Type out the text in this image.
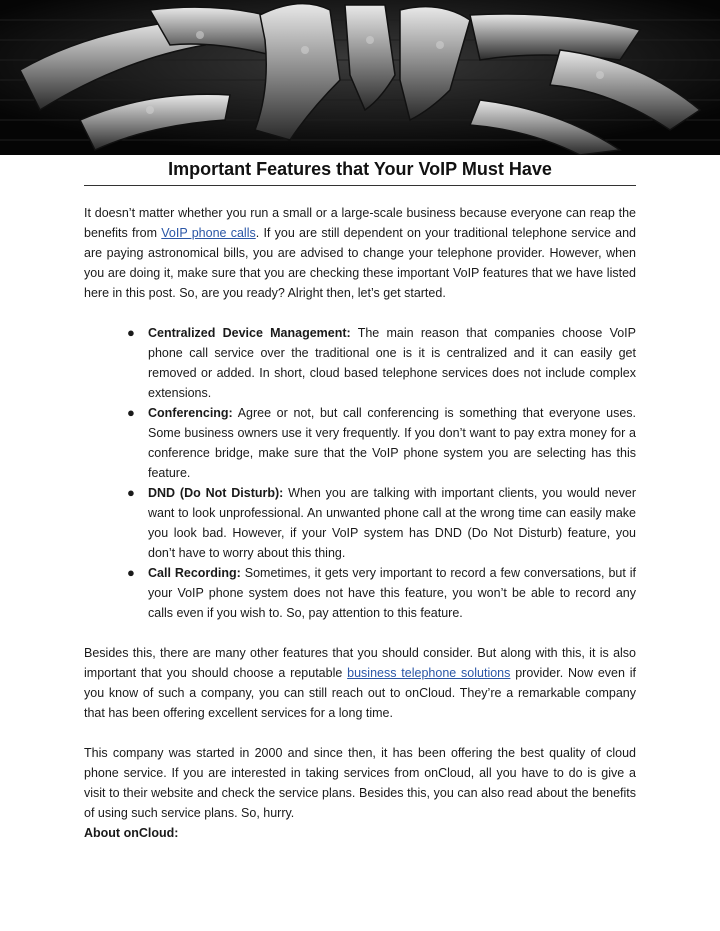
Important Features that Your VoIP Must Have

It doesn’t matter whether you run a small or a large-scale business because everyone can reap the benefits from VoIP phone calls. If you are still dependent on your traditional telephone service and are paying astronomical bills, you are advised to change your telephone provider. However, when you are doing it, make sure that you are checking these important VoIP features that we have listed here in this post. So, are you ready? Alright then, let’s get started.

● Centralized Device Management: The main reason that companies choose VoIP phone call service over the traditional one is it is centralized and it can easily get removed or added. In short, cloud based telephone services does not include complex extensions.
● Conferencing: Agree or not, but call conferencing is something that everyone uses. Some business owners use it very frequently. If you don’t want to pay extra money for a conference bridge, make sure that the VoIP phone system you are selecting has this feature.
● DND (Do Not Disturb): When you are talking with important clients, you would never want to look unprofessional. An unwanted phone call at the wrong time can easily make you look bad. However, if your VoIP system has DND (Do Not Disturb) feature, you don’t have to worry about this thing.
● Call Recording: Sometimes, it gets very important to record a few conversations, but if your VoIP phone system does not have this feature, you won’t be able to record any calls even if you wish to. So, pay attention to this feature.

Besides this, there are many other features that you should consider. But along with this, it is also important that you should choose a reputable business telephone solutions provider. Now even if you know of such a company, you can still reach out to onCloud. They’re a remarkable company that has been offering excellent services for a long time.

This company was started in 2000 and since then, it has been offering the best quality of cloud phone service. If you are interested in taking services from onCloud, all you have to do is give a visit to their website and check the service plans. Besides this, you can also read about the benefits of using such service plans. So, hurry.

About onCloud:
